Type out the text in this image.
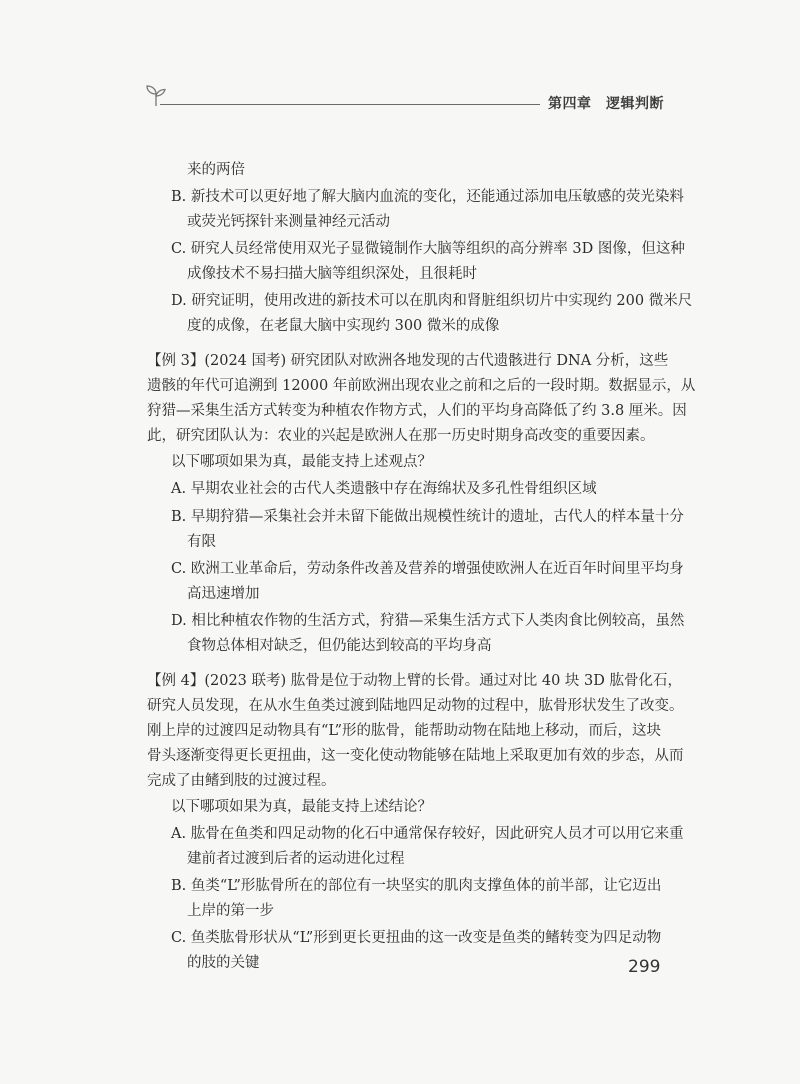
第四章　逻辑判断
来的两倍
B. 新技术可以更好地了解大脑内血流的变化，还能通过添加电压敏感的荧光染料
或荧光钙探针来测量神经元活动
C. 研究人员经常使用双光子显微镜制作大脑等组织的高分辨率 3D 图像，但这种
成像技术不易扫描大脑等组织深处，且很耗时
D. 研究证明，使用改进的新技术可以在肌肉和肾脏组织切片中实现约 200 微米尺
度的成像，在老鼠大脑中实现约 300 微米的成像
【例 3】(2024 国考) 研究团队对欧洲各地发现的古代遗骸进行 DNA 分析，这些
遗骸的年代可追溯到 12000 年前欧洲出现农业之前和之后的一段时期。数据显示，从
狩猎—采集生活方式转变为种植农作物方式，人们的平均身高降低了约 3.8 厘米。因
此，研究团队认为：农业的兴起是欧洲人在那一历史时期身高改变的重要因素。
以下哪项如果为真，最能支持上述观点？
A. 早期农业社会的古代人类遗骸中存在海绵状及多孔性骨组织区域
B. 早期狩猎—采集社会并未留下能做出规模性统计的遗址，古代人的样本量十分
有限
C. 欧洲工业革命后，劳动条件改善及营养的增强使欧洲人在近百年时间里平均身
高迅速增加
D. 相比种植农作物的生活方式，狩猎—采集生活方式下人类肉食比例较高，虽然
食物总体相对缺乏，但仍能达到较高的平均身高
【例 4】(2023 联考) 肱骨是位于动物上臂的长骨。通过对比 40 块 3D 肱骨化石，
研究人员发现，在从水生鱼类过渡到陆地四足动物的过程中，肱骨形状发生了改变。
刚上岸的过渡四足动物具有“L”形的肱骨，能帮助动物在陆地上移动，而后，这块
骨头逐渐变得更长更扭曲，这一变化使动物能够在陆地上采取更加有效的步态，从而
完成了由鳍到肢的过渡过程。
以下哪项如果为真，最能支持上述结论？
A. 肱骨在鱼类和四足动物的化石中通常保存较好，因此研究人员才可以用它来重
建前者过渡到后者的运动进化过程
B. 鱼类“L”形肱骨所在的部位有一块坚实的肌肉支撑鱼体的前半部，让它迈出
上岸的第一步
C. 鱼类肱骨形状从“L”形到更长更扭曲的这一改变是鱼类的鳍转变为四足动物
的肢的关键	299
